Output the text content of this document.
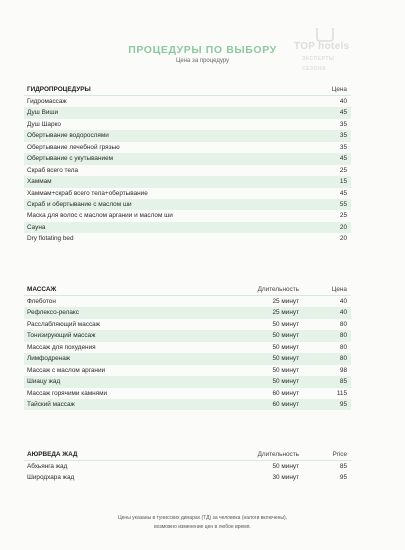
TOP hotels
ЭКСПЕРТЫ СЕЗОНА
ПРОЦЕДУРЫ ПО ВЫБОРУ
Цена за процедуру
ГИДРОПРОЦЕДУРЫ	Цена
Гидромассаж	40
Душ Виши	45
Душ Шарко	35
Обертывание водорослями	35
Обертывание лечебной грязью	35
Обертывание с укутыванием	45
Скраб всего тела	25
Хаммам	15
Хаммам+скраб всего тела+обертывание	45
Скраб и обертывание с маслом ши	55
Маска для волос с маслом аргании и маслом ши	25
Сауна	20
Dry flotating bed	20
МАССАЖ	Длительность	Цена
Флеботон	25 минут	40
Рефлексо-релакс	25 минут	40
Расслабляющий массаж	50 минут	80
Тонизирующий массаж	50 минут	80
Массаж для похудения	50 минут	80
Лимфодренаж	50 минут	80
Массаж с маслом аргании	50 минут	98
Шиацу жад	50 минут	85
Массаж горячими камнями	60 минут	115
Тайский массаж	60 минут	95
АЮРВЕДА ЖАД	Длительность	Price
Абхьянга жад	50 минут	85
Широдхара жад	30 минут	95
Цены указаны в тунисских динарах (ТД) за человека (налоги включены),
возможно изменение цен в любое время.
